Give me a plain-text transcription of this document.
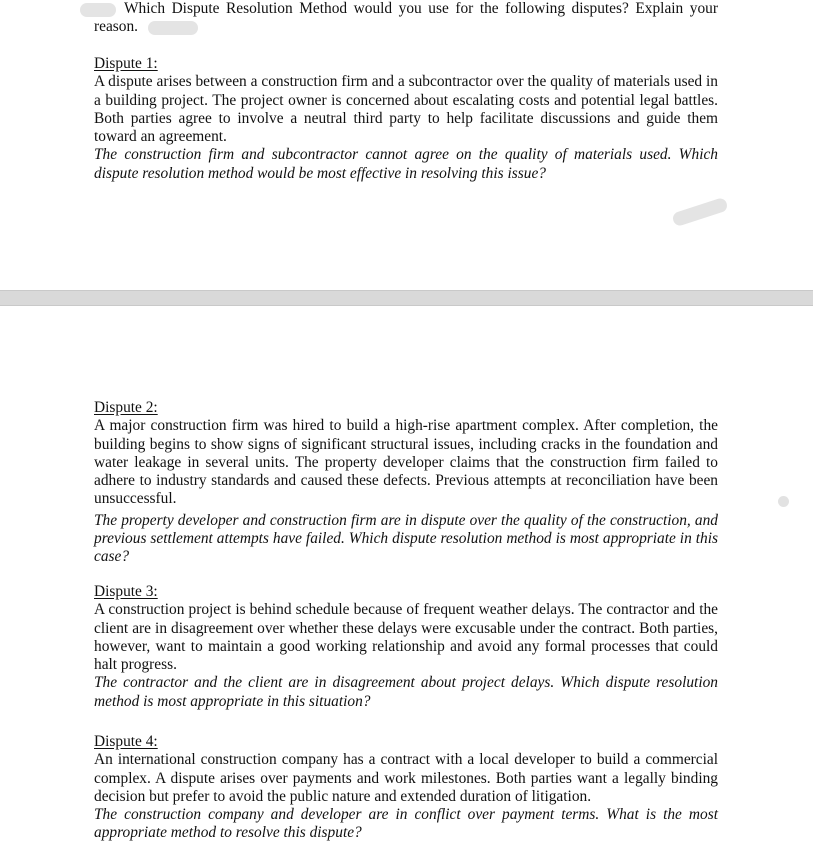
Which Dispute Resolution Method would you use for the following disputes? Explain your reason.

Dispute 1:

A dispute arises between a construction firm and a subcontractor over the quality of materials used in a building project. The project owner is concerned about escalating costs and potential legal battles. Both parties agree to involve a neutral third party to help facilitate discussions and guide them toward an agreement.

The construction firm and subcontractor cannot agree on the quality of materials used. Which dispute resolution method would be most effective in resolving this issue?

Dispute 2:

A major construction firm was hired to build a high-rise apartment complex. After completion, the building begins to show signs of significant structural issues, including cracks in the foundation and water leakage in several units. The property developer claims that the construction firm failed to adhere to industry standards and caused these defects. Previous attempts at reconciliation have been unsuccessful.

The property developer and construction firm are in dispute over the quality of the construction, and previous settlement attempts have failed. Which dispute resolution method is most appropriate in this case?

Dispute 3:

A construction project is behind schedule because of frequent weather delays. The contractor and the client are in disagreement over whether these delays were excusable under the contract. Both parties, however, want to maintain a good working relationship and avoid any formal processes that could halt progress.

The contractor and the client are in disagreement about project delays. Which dispute resolution method is most appropriate in this situation?

Dispute 4:

An international construction company has a contract with a local developer to build a commercial complex. A dispute arises over payments and work milestones. Both parties want a legally binding decision but prefer to avoid the public nature and extended duration of litigation.

The construction company and developer are in conflict over payment terms. What is the most appropriate method to resolve this dispute?
